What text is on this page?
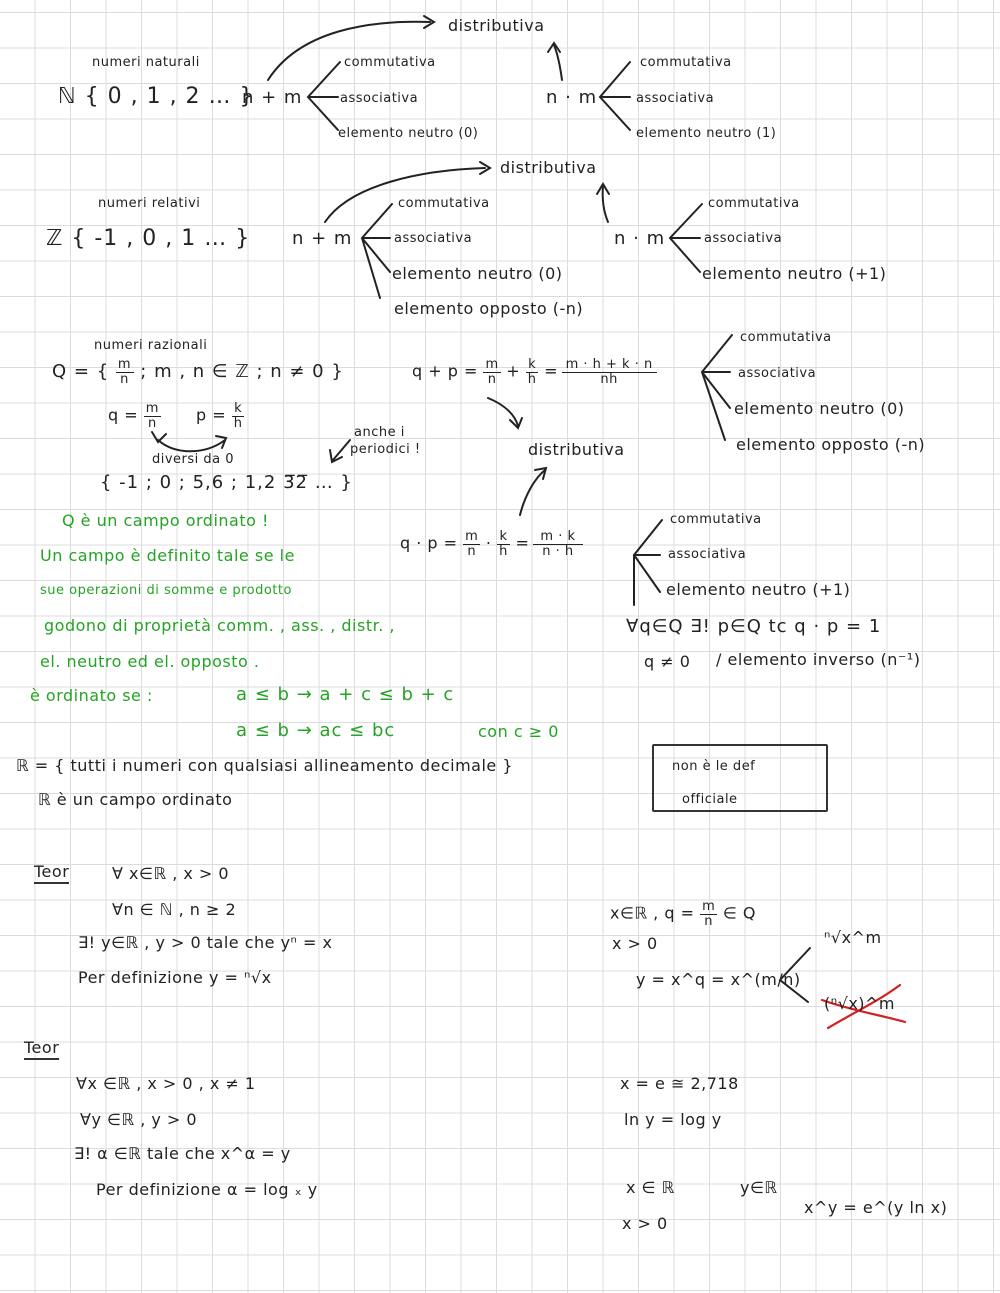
numeri naturali
ℕ { 0 , 1 , 2 … }
n + m
distributiva
commutativa
associativa
elemento neutro (0)
n · m
commutativa
associativa
elemento neutro (1)
numeri relativi
ℤ { -1 , 0 , 1 … } n + m
distributiva
commutativa
associativa
elemento neutro (0)
elemento opposto (-n)
n · m
commutativa
associativa
elemento neutro (+1)
numeri razionali
Q = { $\frac{m}{n}$ ; m , n ∈ ℤ ; n ≠ 0 }
$q = \frac{m}{n}$ $p = \frac{k}{h}$
diversi da 0
{ -1 ; 0 ; 5,6 ; 1,2 3̅2̅ … }
anche i
periodici !
$q + p = \frac{m}{n} + \frac{k}{h} = \frac{m \cdot h + k \cdot n}{nh}$
distributiva
commutativa
associativa
elemento neutro (0)
elemento opposto (-n)
$q \cdot p = \frac{m}{n} \cdot \frac{k}{h} = \frac{m \cdot k}{n \cdot h}$
commutativa
associativa
elemento neutro (+1)
∀q∈Q ∃! p∈Q tc q · p = 1
q ≠ 0 / elemento inverso (n⁻¹)
Q è un campo ordinato !
Un campo è definito tale se le
sue operazioni di somme e prodotto
godono di proprietà comm. , ass. , distr. ,
el. neutro ed el. opposto .
è ordinato se :	a ≤ b → a + c ≤ b + c
a ≤ b → ac ≤ bc	con c ≥ 0
ℝ = { tutti i numeri con qualsiasi allineamento decimale }
ℝ è un campo ordinato
non è le def
officiale
Teor	∀ x∈ℝ , x > 0
∀n ∈ ℕ , n ≥ 2
∃! y∈ℝ , y > 0 tale che yⁿ = x
Per definizione y = ⁿ√x
x∈ℝ , $q = \frac{m}{n}$ ∈ Q
x > 0
y = x^q = x^(m/n)
ⁿ√x^m
(ⁿ√x)^m
Teor
∀x ∈ℝ , x > 0 , x ≠ 1
∀y ∈ℝ , y > 0
∃! α ∈ℝ tale che x^α = y
Per definizione α = log ₓ y
x = e ≅ 2,718
ln y = log y
x ∈ ℝ	y∈ℝ
x > 0
x^y = e^(y ln x)
